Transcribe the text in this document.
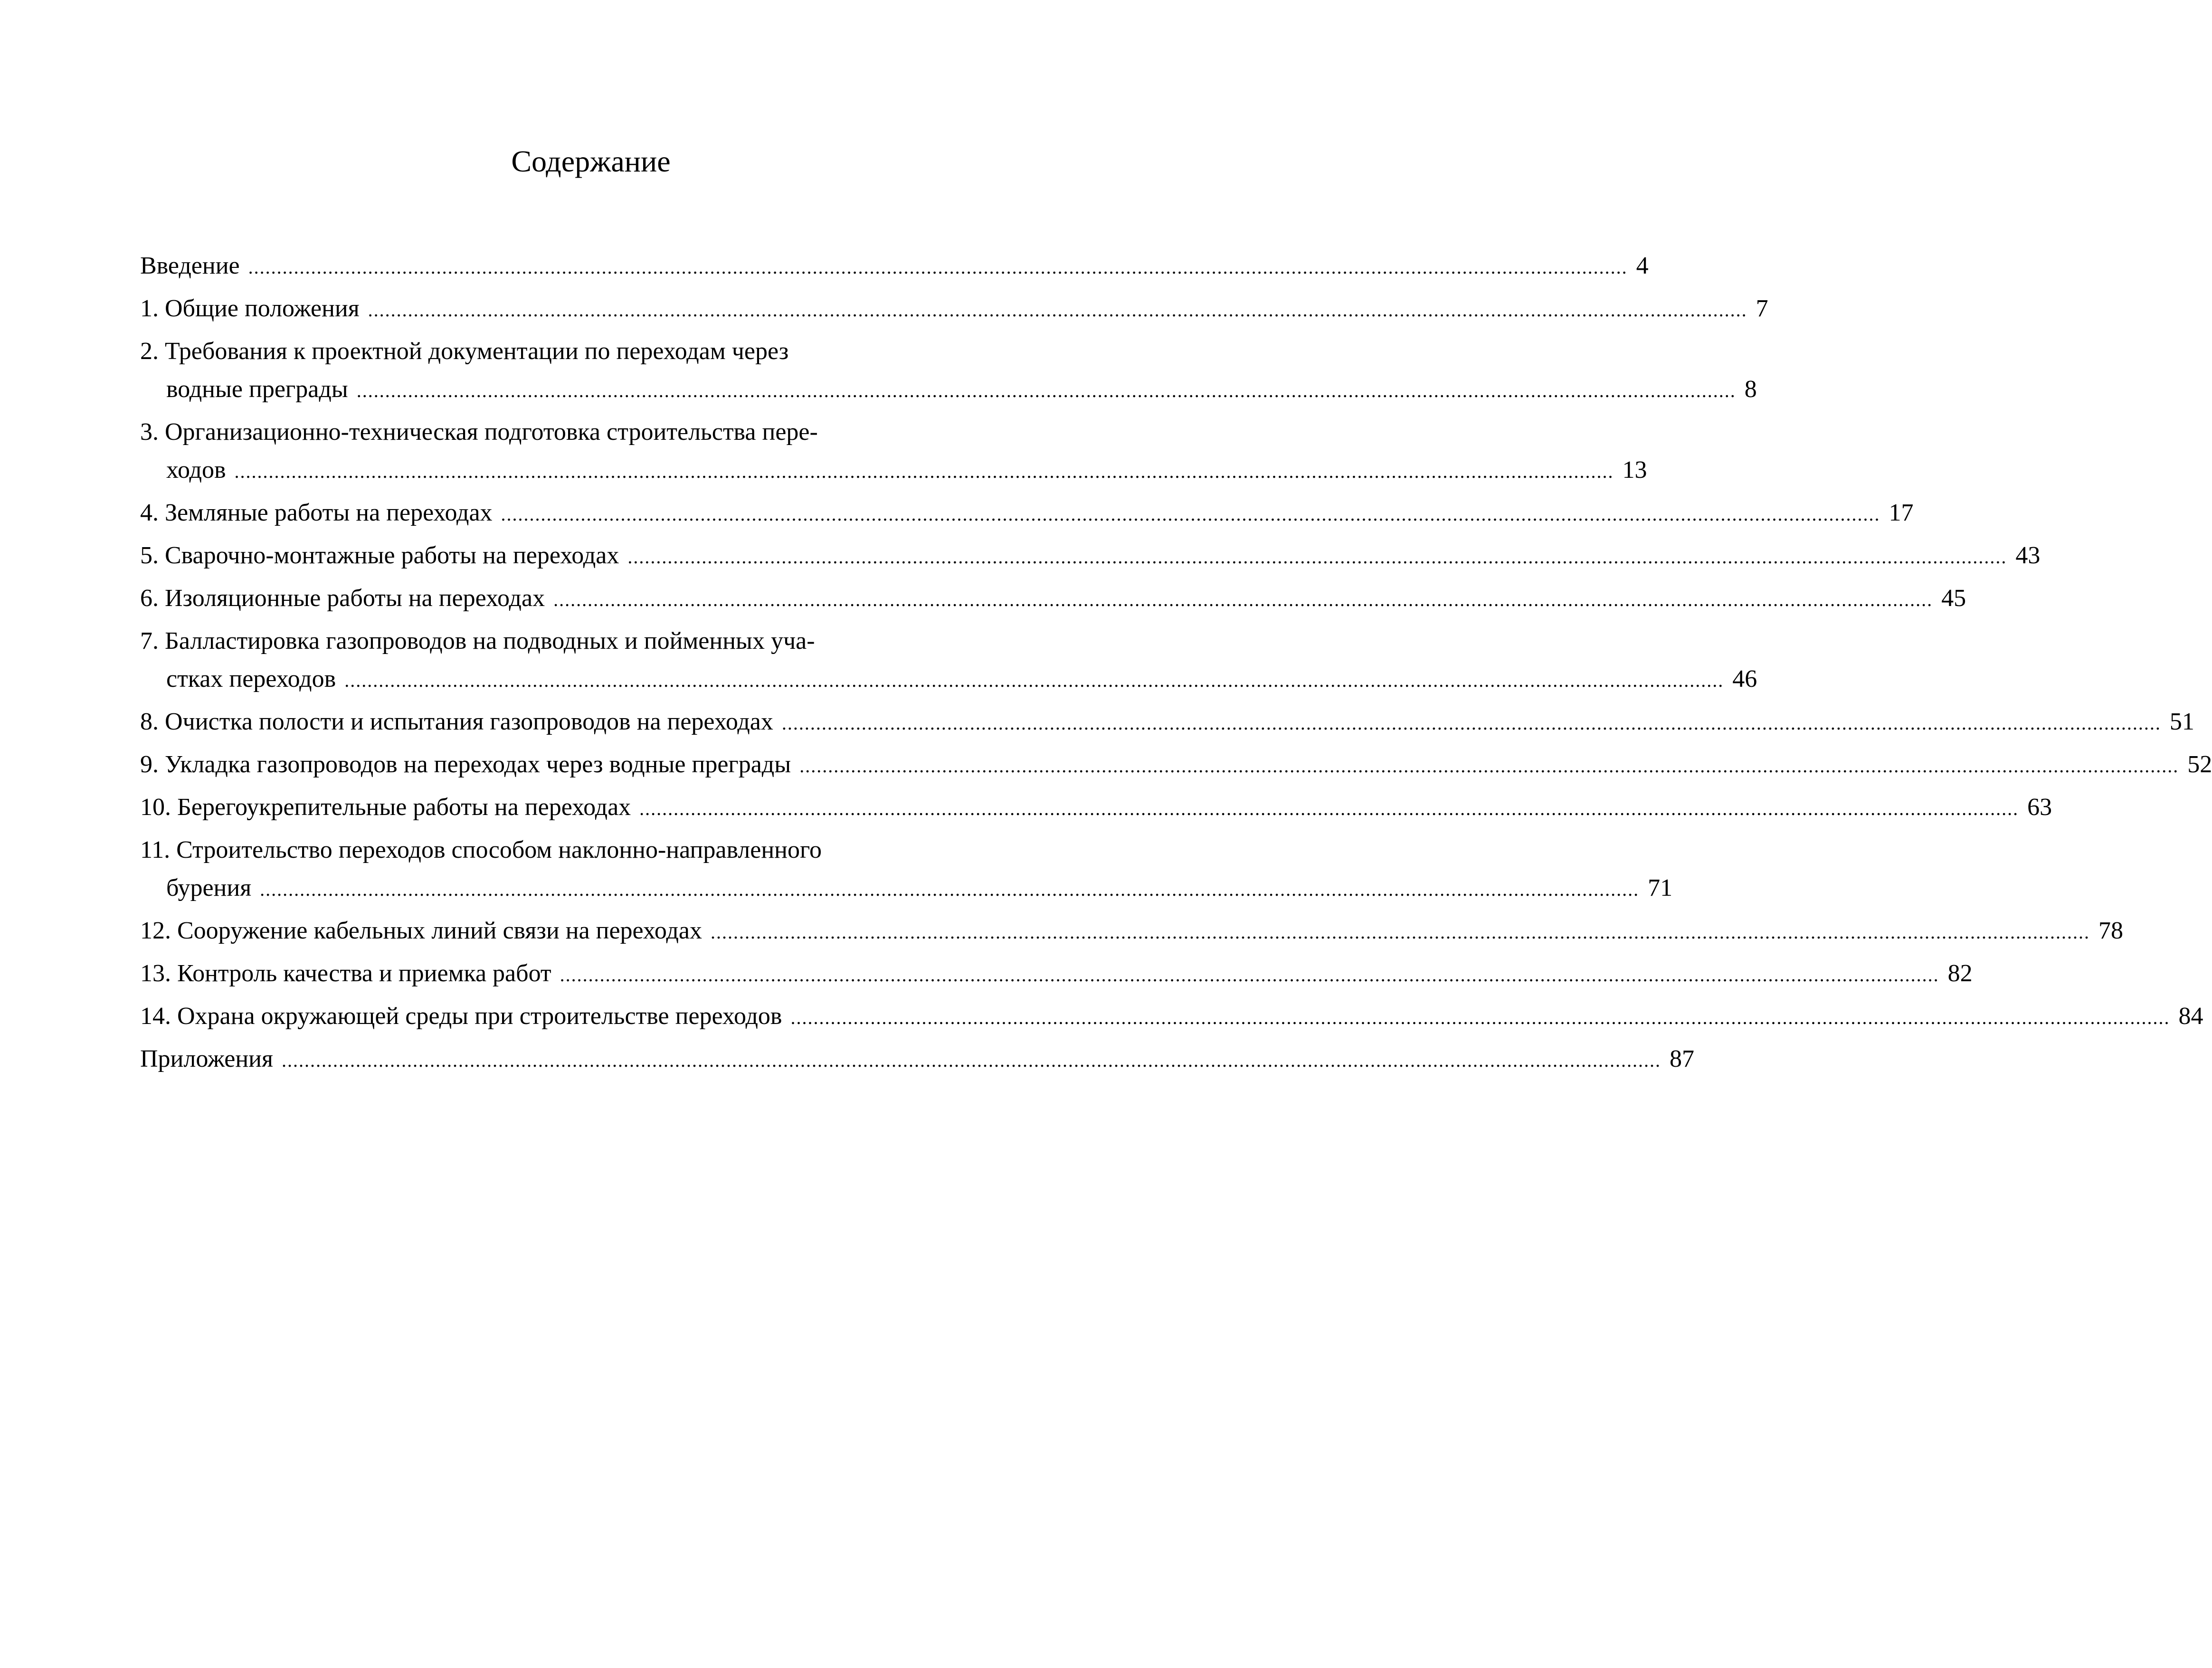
Содержание
Введение .................................................................................................................................................................................................................................................. 4
1. Общие положения .................................................................................................................................................................................................................................................. 7
2. Требования к проектной документации по переходам через
водные преграды .................................................................................................................................................................................................................................................. 8
3. Организационно-техническая подготовка строительства пере-
ходов .................................................................................................................................................................................................................................................. 13
4. Земляные работы на переходах .................................................................................................................................................................................................................................................. 17
5. Сварочно-монтажные работы на переходах .................................................................................................................................................................................................................................................. 43
6. Изоляционные работы на переходах .................................................................................................................................................................................................................................................. 45
7. Балластировка газопроводов на подводных и пойменных уча-
стках переходов .................................................................................................................................................................................................................................................. 46
8. Очистка полости и испытания газопроводов на переходах .................................................................................................................................................................................................................................................. 51
9. Укладка газопроводов на переходах через водные преграды .................................................................................................................................................................................................................................................. 52
10. Берегоукрепительные работы на переходах .................................................................................................................................................................................................................................................. 63
11. Строительство переходов способом наклонно-направленного
бурения .................................................................................................................................................................................................................................................. 71
12. Сооружение кабельных линий связи на переходах .................................................................................................................................................................................................................................................. 78
13. Контроль качества и приемка работ .................................................................................................................................................................................................................................................. 82
14. Охрана окружающей среды при строительстве переходов .................................................................................................................................................................................................................................................. 84
Приложения .................................................................................................................................................................................................................................................. 87
